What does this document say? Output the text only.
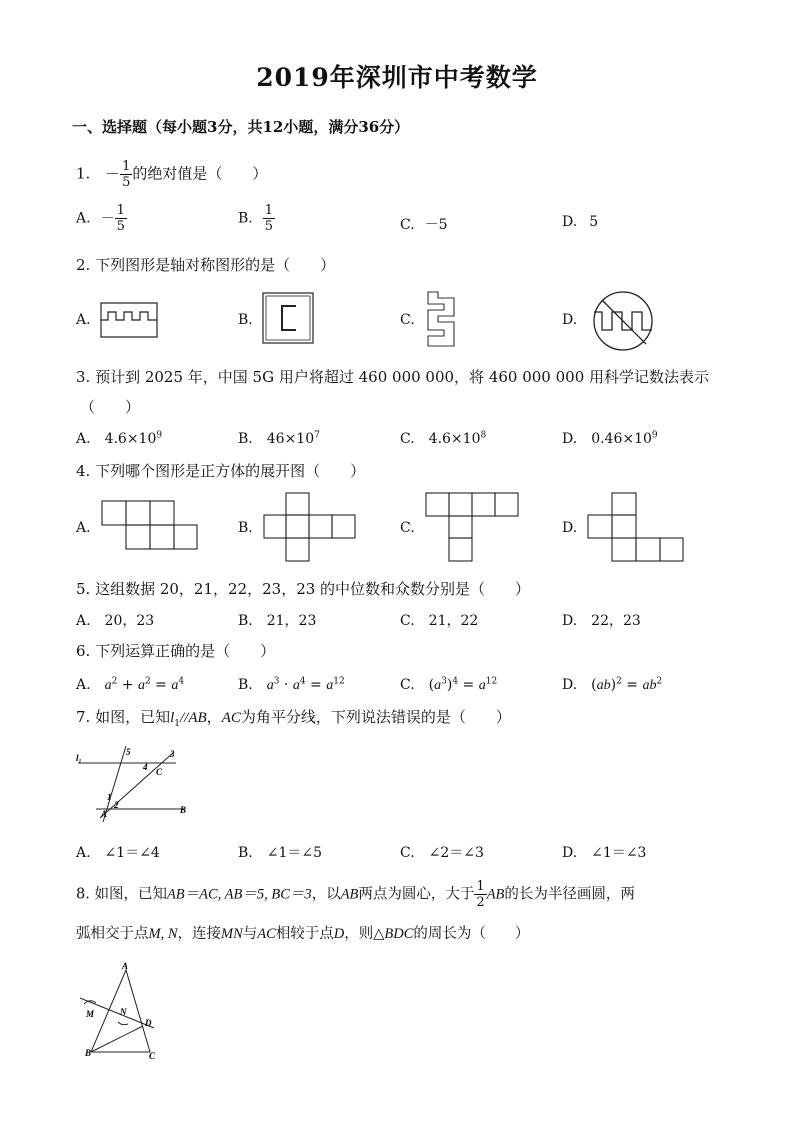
2019年深圳市中考数学
一、选择题（每小题3分，共12小题，满分36分）
1. － $\frac{1}{5}$ 的绝对值是（　　）
A. － $\frac{1}{5}$	B. $\frac{1}{5}$	C. －5	D. 5
2. 下列图形是轴对称图形的是（　　）
A.	B.	C.	D.
3. 预计到 2025 年，中国 5G 用户将超过 460 000 000，将 460 000 000 用科学记数法表示
（　　）
A.　 $4.6\times 10^9$	B.　 $46\times 10^7$	C.　 $4.6\times 10^8$	D.　 $0.46\times 10^9$
4. 下列哪个图形是正方体的展开图（　　）
A.	B.	C.	D.
5. 这组数据 20，21，22，23，23 的中位数和众数分别是（　　）
A.　20，23	B.　21，23	C.　21，22	D.　22，23
6. 下列运算正确的是（　　）
A.　 $a^2 + a^2 = a^4$	B.　 $a^3 \cdot a^4 = a^{12}$	C.　$(a^3)^4 = a^{12}$	D.　$(ab)^2 = ab^2$
7. 如图，已知$l_1//AB$，AC为角平分线，下列说法错误的是（　　）
l₁
5	3
4 C
1
2
A	B
A.　∠1＝∠4	B.　∠1＝∠5	C.　∠2＝∠3	D.　∠1＝∠3
8. 如图，已知AB＝AC, AB＝5, BC＝3，以AB两点为圆心，大于 $\frac{1}{2}$ AB的长为半径画圆，两
弧相交于点M, N，连接MN与AC相较于点D，则△BDC的周长为（　　）
A
M	N
D
B	C
